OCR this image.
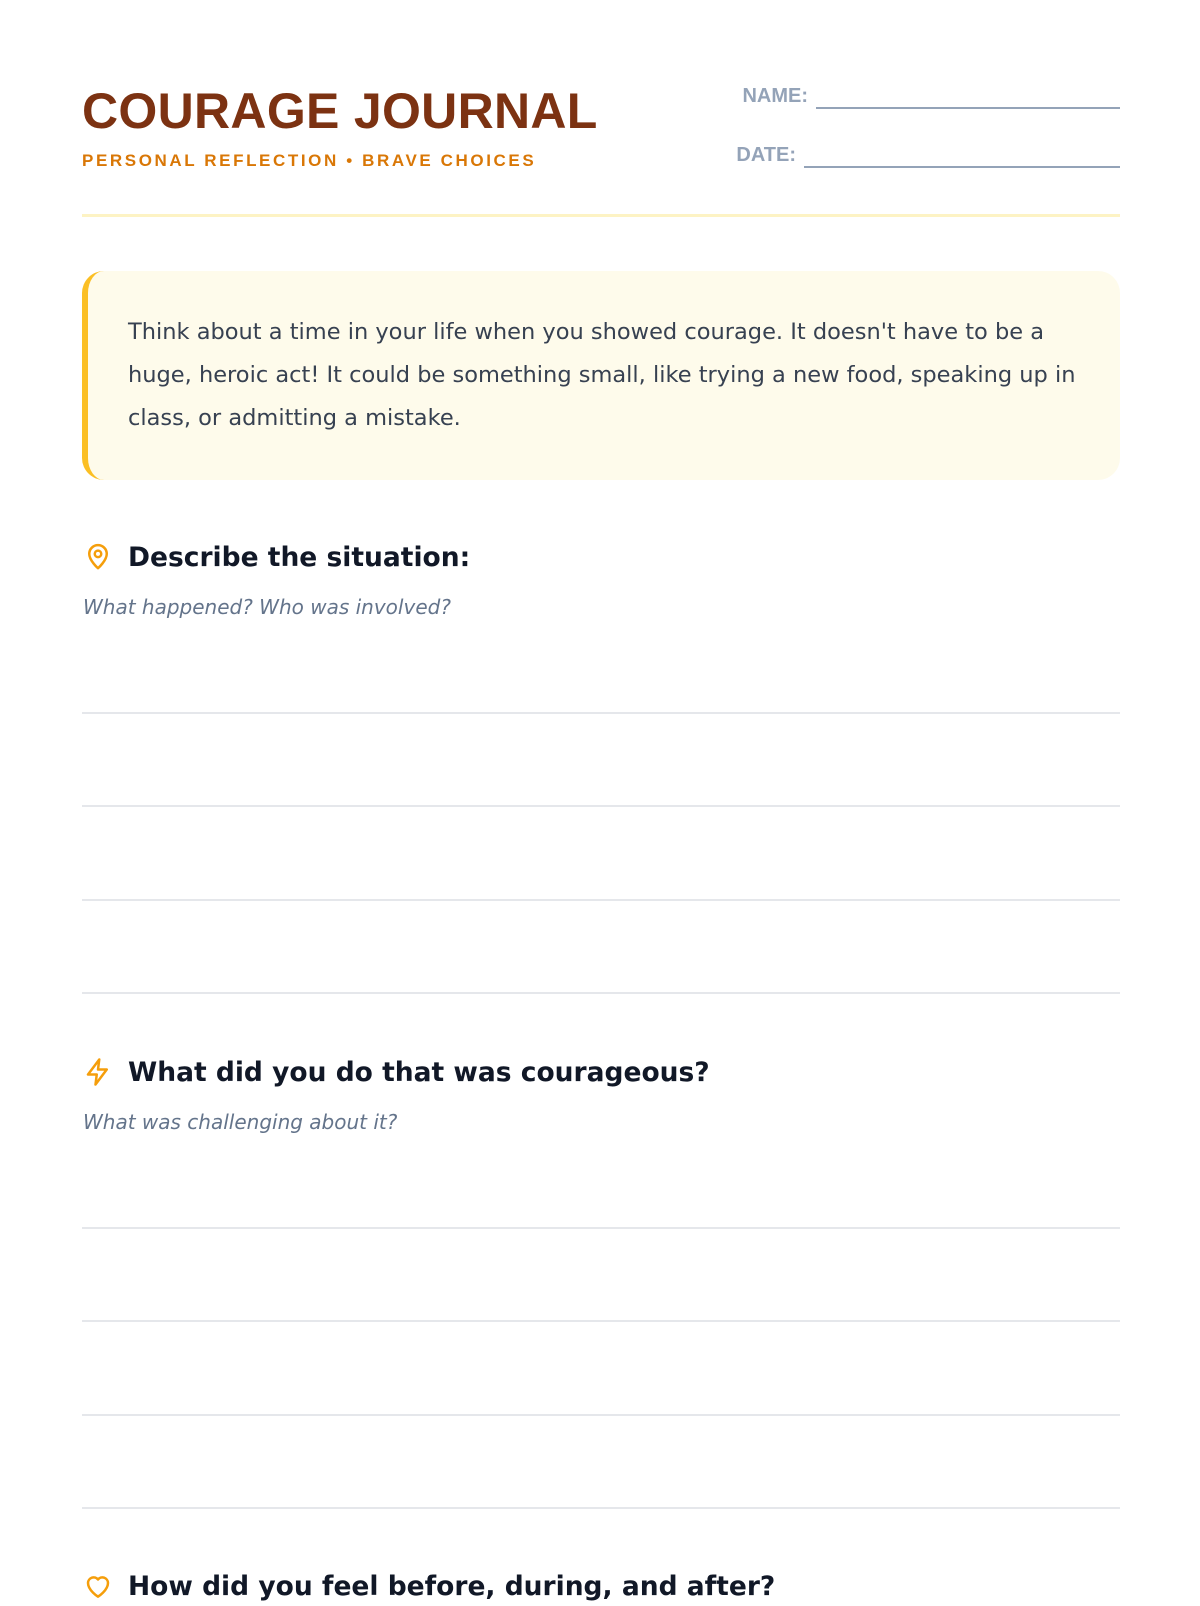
COURAGE JOURNAL
PERSONAL REFLECTION • BRAVE CHOICES
NAME:
DATE:

Think about a time in your life when you showed courage. It doesn't have to be a huge, heroic act! It could be something small, like trying a new food, speaking up in class, or admitting a mistake.

Describe the situation:
What happened? Who was involved?
What did you do that was courageous?
What was challenging about it?
How did you feel before, during, and after?
